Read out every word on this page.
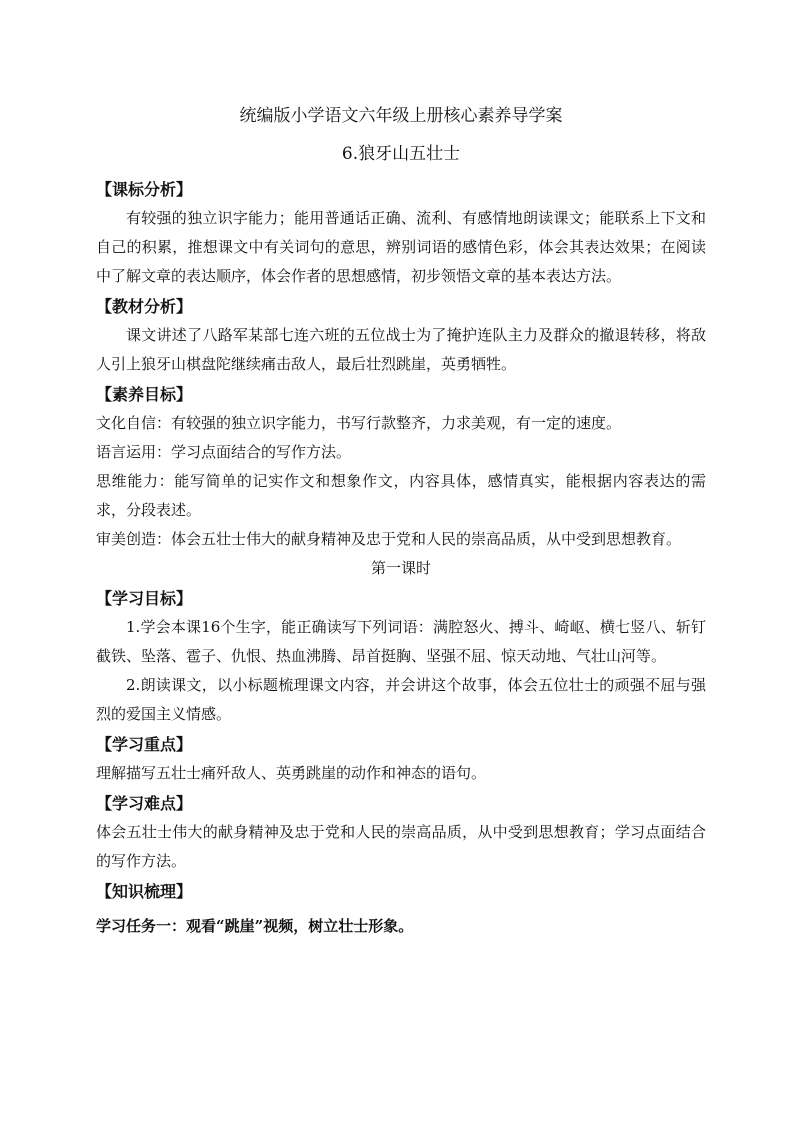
统编版小学语文六年级上册核心素养导学案
6.狼牙山五壮士
【课标分析】
有较强的独立识字能力；能用普通话正确、流利、有感情地朗读课文；能联系上下文和自己的积累，推想课文中有关词句的意思，辨别词语的感情色彩，体会其表达效果；在阅读中了解文章的表达顺序，体会作者的思想感情，初步领悟文章的基本表达方法。
【教材分析】
课文讲述了八路军某部七连六班的五位战士为了掩护连队主力及群众的撤退转移，将敌人引上狼牙山棋盘陀继续痛击敌人，最后壮烈跳崖，英勇牺牲。
【素养目标】
文化自信：有较强的独立识字能力，书写行款整齐，力求美观，有一定的速度。
语言运用：学习点面结合的写作方法。
思维能力：能写简单的记实作文和想象作文，内容具体，感情真实，能根据内容表达的需求，分段表述。
审美创造：体会五壮士伟大的献身精神及忠于党和人民的崇高品质，从中受到思想教育。
第一课时
【学习目标】
1.学会本课16个生字，能正确读写下列词语：满腔怒火、搏斗、崎岖、横七竖八、斩钉截铁、坠落、雹子、仇恨、热血沸腾、昂首挺胸、坚强不屈、惊天动地、气壮山河等。
2.朗读课文，以小标题梳理课文内容，并会讲这个故事，体会五位壮士的顽强不屈与强烈的爱国主义情感。
【学习重点】
理解描写五壮士痛歼敌人、英勇跳崖的动作和神态的语句。
【学习难点】
体会五壮士伟大的献身精神及忠于党和人民的崇高品质，从中受到思想教育；学习点面结合的写作方法。
【知识梳理】
学习任务一：观看“跳崖”视频，树立壮士形象。
